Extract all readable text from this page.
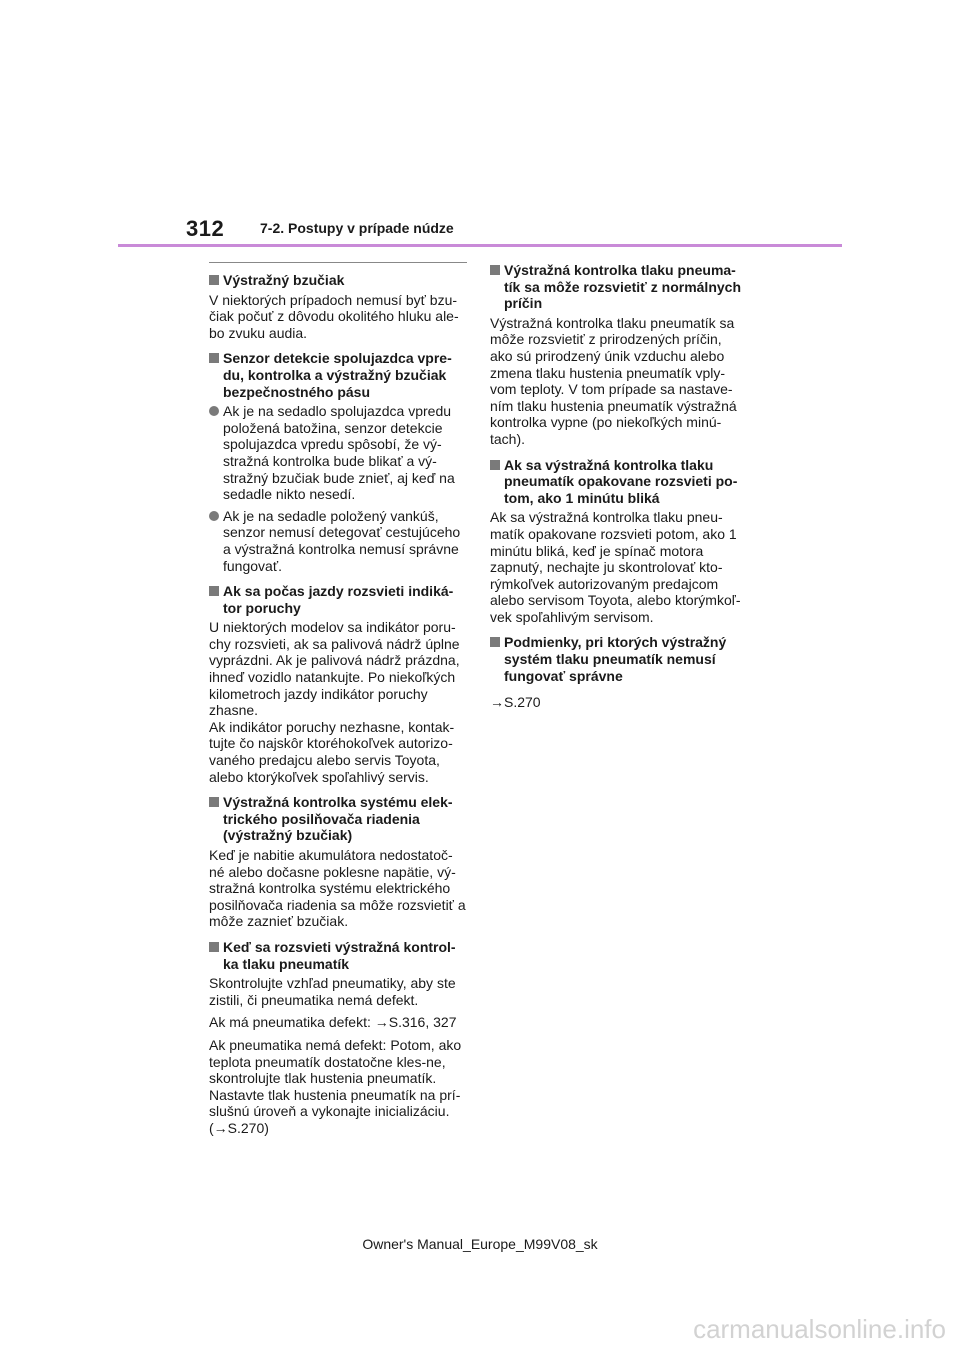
312	7-2. Postupy v prípade núdze
Výstražný bzučiak
V niektorých prípadoch nemusí byť bzu-čiak počuť z dôvodu okolitého hluku ale-bo zvuku audia.
Senzor detekcie spolujazdca vpre-du, kontrolka a výstražný bzučiak bezpečnostného pásu
Ak je na sedadlo spolujazdca vpredu položená batožina, senzor detekcie spolujazdca vpredu spôsobí, že vý-stražná kontrolka bude blikať a vý-stražný bzučiak bude znieť, aj keď na sedadle nikto nesedí.
Ak je na sedadle položený vankúš, senzor nemusí detegovať cestujúceho a výstražná kontrolka nemusí správne fungovať.
Ak sa počas jazdy rozsvieti indiká-tor poruchy
U niektorých modelov sa indikátor poru-chy rozsvieti, ak sa palivová nádrž úplne vyprázdni. Ak je palivová nádrž prázdna, ihneď vozidlo natankujte. Po niekoľkých kilometroch jazdy indikátor poruchy zhasne.
Ak indikátor poruchy nezhasne, kontak-tujte čo najskôr ktoréhokoľvek autorizo-vaného predajcu alebo servis Toyota, alebo ktorýkoľvek spoľahlivý servis.
Výstražná kontrolka systému elek-trického posilňovača riadenia (výstražný bzučiak)
Keď je nabitie akumulátora nedostatoč-né alebo dočasne poklesne napätie, vý-stražná kontrolka systému elektrického posilňovača riadenia sa môže rozsvietiť a môže zaznieť bzučiak.
Keď sa rozsvieti výstražná kontrol-ka tlaku pneumatík
Skontrolujte vzhľad pneumatiky, aby ste zistili, či pneumatika nemá defekt.
Ak má pneumatika defekt: →S.316, 327
Ak pneumatika nemá defekt: Potom, ako teplota pneumatík dostatočne kles-ne, skontrolujte tlak hustenia pneumatík. Nastavte tlak hustenia pneumatík na prí-slušnú úroveň a vykonajte inicializáciu. (→S.270)
Výstražná kontrolka tlaku pneuma-tík sa môže rozsvietiť z normálnych príčin
Výstražná kontrolka tlaku pneumatík sa môže rozsvietiť z prirodzených príčin, ako sú prirodzený únik vzduchu alebo zmena tlaku hustenia pneumatík vply-vom teploty. V tom prípade sa nastave-ním tlaku hustenia pneumatík výstražná kontrolka vypne (po niekoľkých minú-tach).
Ak sa výstražná kontrolka tlaku pneumatík opakovane rozsvieti po-tom, ako 1 minútu bliká
Ak sa výstražná kontrolka tlaku pneu-matík opakovane rozsvieti potom, ako 1 minútu bliká, keď je spínač motora zapnutý, nechajte ju skontrolovať kto-rýmkoľvek autorizovaným predajcom alebo servisom Toyota, alebo ktorýmkoľ-vek spoľahlivým servisom.
Podmienky, pri ktorých výstražný systém tlaku pneumatík nemusí fungovať správne
→S.270
Owner's Manual_Europe_M99V08_sk
carmanualsonline.info
